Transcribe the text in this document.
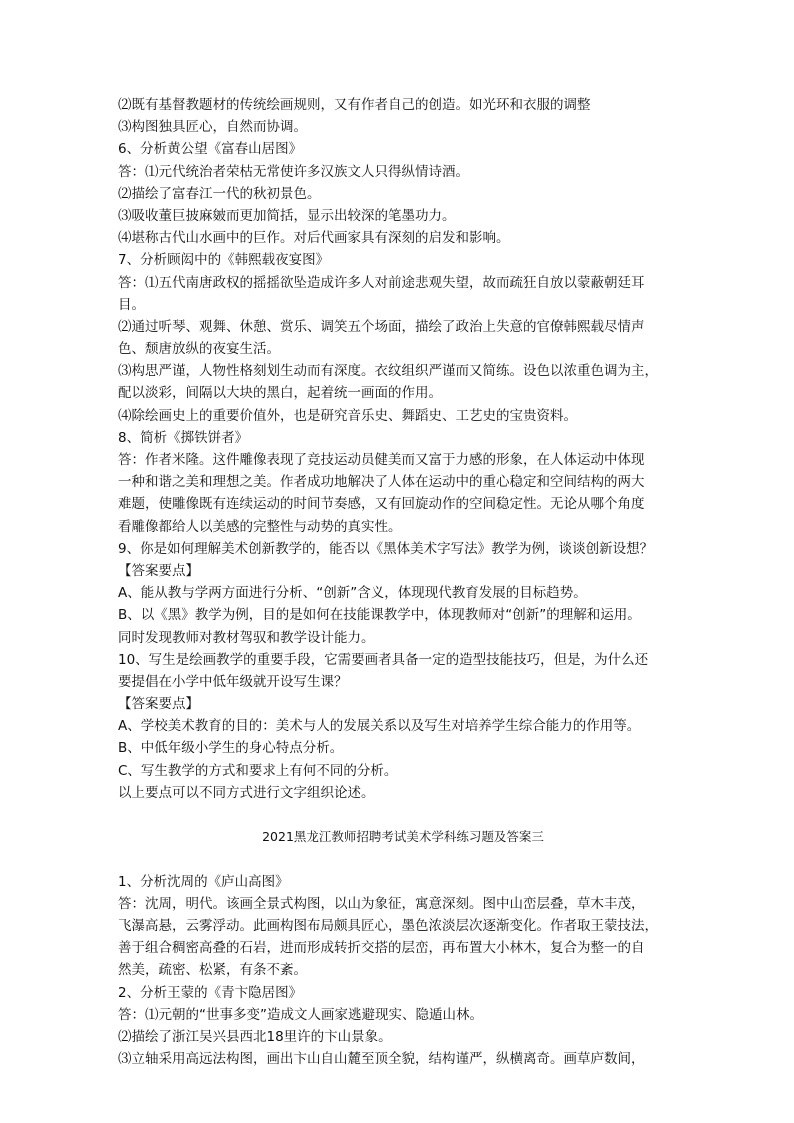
⑵既有基督教题材的传统绘画规则，又有作者自己的创造。如光环和衣服的调整
⑶构图独具匠心，自然而协调。
6、分析黄公望《富春山居图》
答：⑴元代统治者荣枯无常使许多汉族文人只得纵情诗酒。
⑵描绘了富春江一代的秋初景色。
⑶吸收董巨披麻皴而更加简括，显示出较深的笔墨功力。
⑷堪称古代山水画中的巨作。对后代画家具有深刻的启发和影响。
7、分析顾闳中的《韩熙载夜宴图》
答：⑴五代南唐政权的摇摇欲坠造成许多人对前途悲观失望，故而疏狂自放以蒙蔽朝廷耳
目。
⑵通过听琴、观舞、休憩、赏乐、调笑五个场面，描绘了政治上失意的官僚韩熙载尽情声
色、颓唐放纵的夜宴生活。
⑶构思严谨，人物性格刻划生动而有深度。衣纹组织严谨而又简练。设色以浓重色调为主，
配以淡彩，间隔以大块的黑白，起着统一画面的作用。
⑷除绘画史上的重要价值外，也是研究音乐史、舞蹈史、工艺史的宝贵资料。
8、简析《掷铁饼者》
答：作者米隆。这件雕像表现了竞技运动员健美而又富于力感的形象，在人体运动中体现
一种和谐之美和理想之美。作者成功地解决了人体在运动中的重心稳定和空间结构的两大
难题，使雕像既有连续运动的时间节奏感，又有回旋动作的空间稳定性。无论从哪个角度
看雕像都给人以美感的完整性与动势的真实性。
9、你是如何理解美术创新教学的，能否以《黑体美术字写法》教学为例，谈谈创新设想？
【答案要点】
A、能从教与学两方面进行分析、“创新”含义，体现现代教育发展的目标趋势。
B、以《黑》教学为例，目的是如何在技能课教学中，体现教师对“创新”的理解和运用。
同时发现教师对教材驾驭和教学设计能力。
10、写生是绘画教学的重要手段，它需要画者具备一定的造型技能技巧，但是，为什么还
要提倡在小学中低年级就开设写生课？
【答案要点】
A、学校美术教育的目的：美术与人的发展关系以及写生对培养学生综合能力的作用等。
B、中低年级小学生的身心特点分析。
C、写生教学的方式和要求上有何不同的分析。
以上要点可以不同方式进行文字组织论述。
2021黑龙江教师招聘考试美术学科练习题及答案三
1、分析沈周的《庐山高图》
答：沈周，明代。该画全景式构图，以山为象征，寓意深刻。图中山峦层叠，草木丰茂，
飞瀑高悬，云雾浮动。此画构图布局颇具匠心，墨色浓淡层次逐渐变化。作者取王蒙技法，
善于组合稠密高叠的石岩，进而形成转折交搭的层峦，再布置大小林木，复合为整一的自
然美，疏密、松紧，有条不紊。
2、分析王蒙的《青卞隐居图》
答：⑴元朝的“世事多变”造成文人画家逃避现实、隐遁山林。
⑵描绘了浙江吴兴县西北18里许的卞山景象。
⑶立轴采用高远法构图，画出卞山自山麓至顶全貌，结构谨严，纵横离奇。画草庐数间，
